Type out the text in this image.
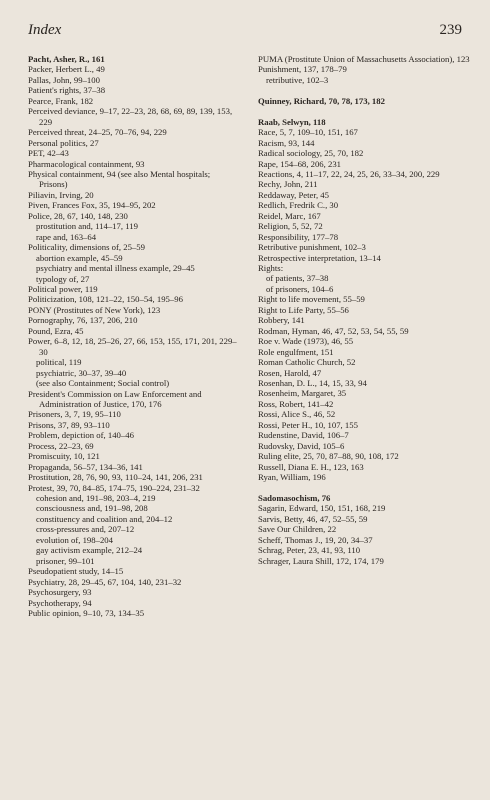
Index	239
Pacht, Asher, R., 161
Packer, Herbert L., 49
Pallas, John, 99–100
Patient's rights, 37–38
Pearce, Frank, 182
Perceived deviance, 9–17, 22–23, 28, 68, 69, 89, 139, 153, 229
Perceived threat, 24–25, 70–76, 94, 229
Personal politics, 27
PET, 42–43
Pharmacological containment, 93
Physical containment, 94 (see also Mental hospitals; Prisons)
Piliavin, Irving, 20
Piven, Frances Fox, 35, 194–95, 202
Police, 28, 67, 140, 148, 230
prostitution and, 114–17, 119
rape and, 163–64
Politicality, dimensions of, 25–59
abortion example, 45–59
psychiatry and mental illness example, 29–45
typology of, 27
Political power, 119
Politicization, 108, 121–22, 150–54, 195–96
PONY (Prostitutes of New York), 123
Pornography, 76, 137, 206, 210
Pound, Ezra, 45
Power, 6–8, 12, 18, 25–26, 27, 66, 153, 155, 171, 201, 229–30
political, 119
psychiatric, 30–37, 39–40
(see also Containment; Social control)
President's Commission on Law Enforcement and Administration of Justice, 170, 176
Prisoners, 3, 7, 19, 95–110
Prisons, 37, 89, 93–110
Problem, depiction of, 140–46
Process, 22–23, 69
Promiscuity, 10, 121
Propaganda, 56–57, 134–36, 141
Prostitution, 28, 76, 90, 93, 110–24, 141, 206, 231
Protest, 39, 70, 84–85, 174–75, 190–224, 231–32
cohesion and, 191–98, 203–4, 219
consciousness and, 191–98, 208
constituency and coalition and, 204–12
cross-pressures and, 207–12
evolution of, 198–204
gay activism example, 212–24
prisoner, 99–101
Pseudopatient study, 14–15
Psychiatry, 28, 29–45, 67, 104, 140, 231–32
Psychosurgery, 93
Psychotherapy, 94
Public opinion, 9–10, 73, 134–35
PUMA (Prostitute Union of Massachusetts Association), 123
Punishment, 137, 178–79
retributive, 102–3
Quinney, Richard, 70, 78, 173, 182
Raab, Selwyn, 118
Race, 5, 7, 109–10, 151, 167
Racism, 93, 144
Radical sociology, 25, 70, 182
Rape, 154–68, 206, 231
Reactions, 4, 11–17, 22, 24, 25, 26, 33–34, 200, 229
Rechy, John, 211
Reddaway, Peter, 45
Redlich, Fredrik C., 30
Reidel, Marc, 167
Religion, 5, 52, 72
Responsibility, 177–78
Retributive punishment, 102–3
Retrospective interpretation, 13–14
Rights:
of patients, 37–38
of prisoners, 104–6
Right to life movement, 55–59
Right to Life Party, 55–56
Robbery, 141
Rodman, Hyman, 46, 47, 52, 53, 54, 55, 59
Roe v. Wade (1973), 46, 55
Role engulfment, 151
Roman Catholic Church, 52
Rosen, Harold, 47
Rosenhan, D. L., 14, 15, 33, 94
Rosenheim, Margaret, 35
Ross, Robert, 141–42
Rossi, Alice S., 46, 52
Rossi, Peter H., 10, 107, 155
Rudenstine, David, 106–7
Rudovsky, David, 105–6
Ruling elite, 25, 70, 87–88, 90, 108, 172
Russell, Diana E. H., 123, 163
Ryan, William, 196
Sadomasochism, 76
Sagarin, Edward, 150, 151, 168, 219
Sarvis, Betty, 46, 47, 52–55, 59
Save Our Children, 22
Scheff, Thomas J., 19, 20, 34–37
Schrag, Peter, 23, 41, 93, 110
Schrager, Laura Shill, 172, 174, 179
